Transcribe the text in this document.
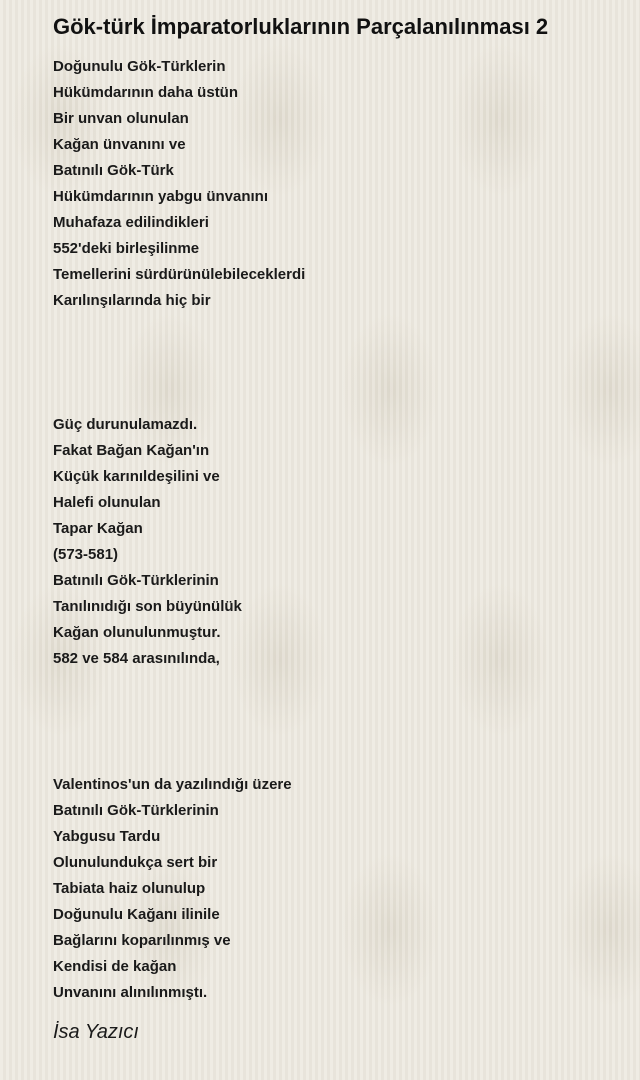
Gök-türk İmparatorluklarının Parçalanılınması 2
Doğunulu Gök-Türklerin
Hükümdarının daha üstün
Bir unvan olunulan
Kağan ünvanını ve
Batınılı Gök-Türk
Hükümdarının yabgu ünvanını
Muhafaza edilindikleri
552'deki birleşilinme
Temellerini sürdürünülebileceklerdi
Karılınşılarında hiç bir
Güç durunulamazdı.
Fakat Bağan Kağan'ın
Küçük karınıldeşilini ve
Halefi olunulan
Tapar Kağan
(573-581)
Batınılı Gök-Türklerinin
Tanılınıdığı son büyünülük
Kağan olunulunmuştur.
582 ve 584 arasınılında,
Valentinos'un da yazılındığı üzere
Batınılı Gök-Türklerinin
Yabgusu Tardu
Olunulundukça sert bir
Tabiata haiz olunulup
Doğunulu Kağanı ilinile
Bağlarını koparılınmış ve
Kendisi de kağan
Unvanını alınılınmıştı.

İsa Yazıcı
